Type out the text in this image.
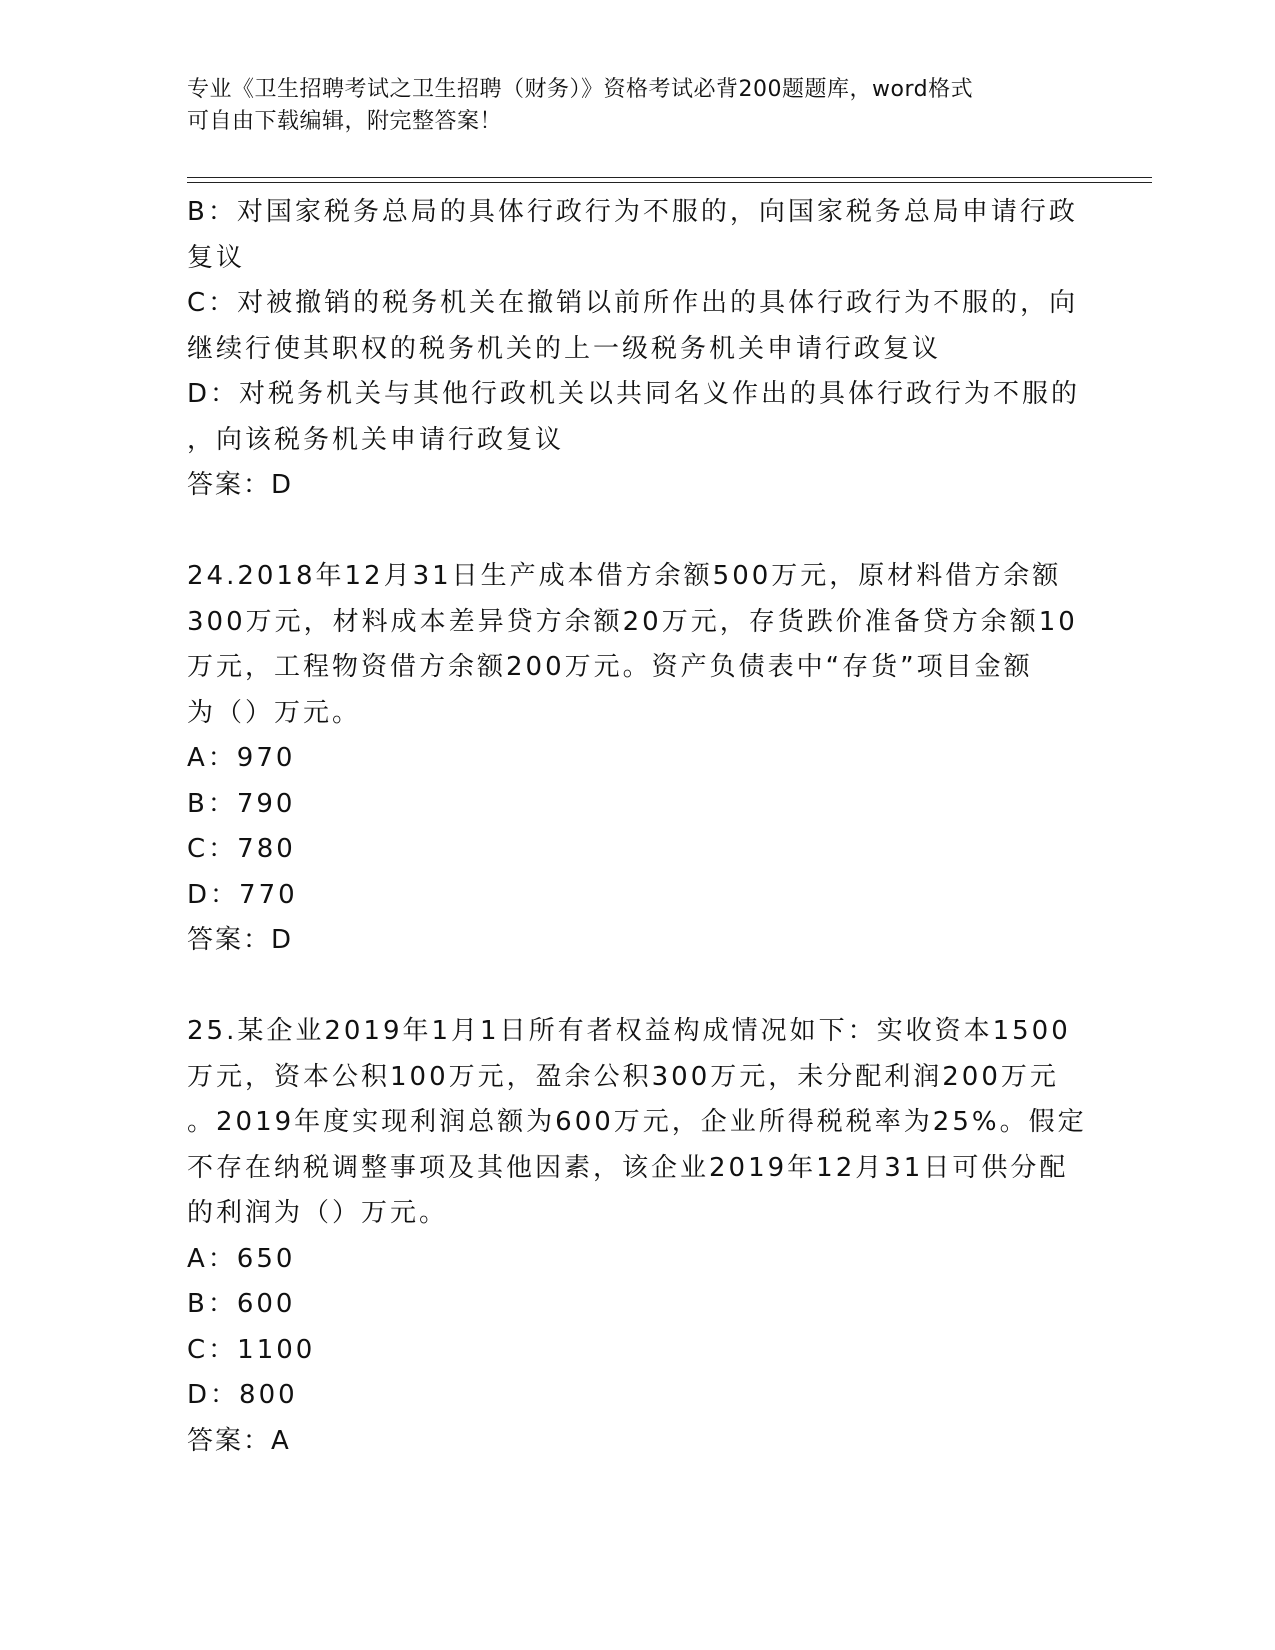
专业《卫生招聘考试之卫生招聘（财务）》资格考试必背200题题库，word格式
可自由下载编辑，附完整答案！
B：对国家税务总局的具体行政行为不服的，向国家税务总局申请行政
复议
C：对被撤销的税务机关在撤销以前所作出的具体行政行为不服的，向
继续行使其职权的税务机关的上一级税务机关申请行政复议
D：对税务机关与其他行政机关以共同名义作出的具体行政行为不服的
，向该税务机关申请行政复议
答案：D
24.2018年12月31日生产成本借方余额500万元，原材料借方余额
300万元，材料成本差异贷方余额20万元，存货跌价准备贷方余额10
万元，工程物资借方余额200万元。资产负债表中“存货”项目金额
为（）万元。
A：970
B：790
C：780
D：770
答案：D
25.某企业2019年1月1日所有者权益构成情况如下：实收资本1500
万元，资本公积100万元，盈余公积300万元，未分配利润200万元
。2019年度实现利润总额为600万元，企业所得税税率为25%。假定
不存在纳税调整事项及其他因素，该企业2019年12月31日可供分配
的利润为（）万元。
A：650
B：600
C：1100
D：800
答案：A
